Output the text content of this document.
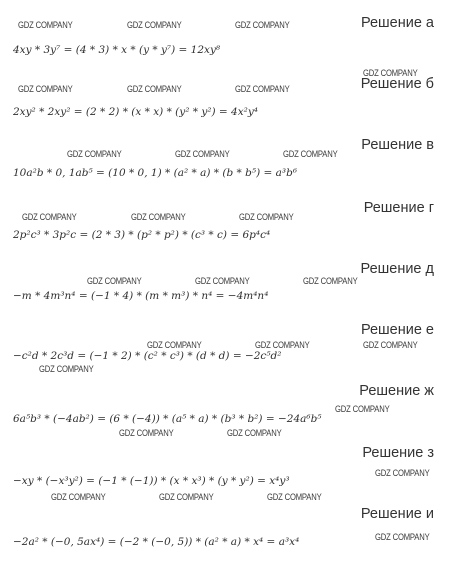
GDZ COMPANY	GDZ COMPANY	GDZ COMPANY
GDZ COMPANY
GDZ COMPANY	GDZ COMPANY	GDZ COMPANY
GDZ COMPANY	GDZ COMPANY	GDZ COMPANY
GDZ COMPANY	GDZ COMPANY	GDZ COMPANY
GDZ COMPANY	GDZ COMPANY	GDZ COMPANY
GDZ COMPANY	GDZ COMPANY	GDZ COMPANY
GDZ COMPANY
GDZ COMPANY
GDZ COMPANY	GDZ COMPANY
GDZ COMPANY
GDZ COMPANY	GDZ COMPANY	GDZ COMPANY
GDZ COMPANY
Решение а
Решение б
Решение в
Решение г
Решение д
Решение е
Решение ж
Решение з
Решение и
4xy * 3y⁷ = (4 * 3) * x * (y * y⁷) = 12xy⁸
2xy² * 2xy² = (2 * 2) * (x * x) * (y² * y²) = 4x²y⁴
10a²b * 0, 1ab⁵ = (10 * 0, 1) * (a² * a) * (b * b⁵) = a³b⁶
2p²c³ * 3p²c = (2 * 3) * (p² * p²) * (c³ * c) = 6p⁴c⁴
−m * 4m³n⁴ = (−1 * 4) * (m * m³) * n⁴ = −4m⁴n⁴
−c²d * 2c³d = (−1 * 2) * (c² * c³) * (d * d) = −2c⁵d²
6a⁵b³ * (−4ab²) = (6 * (−4)) * (a⁵ * a) * (b³ * b²) = −24a⁶b⁵
−xy * (−x³y²) = (−1 * (−1)) * (x * x³) * (y * y²) = x⁴y³
−2a² * (−0, 5ax⁴) = (−2 * (−0, 5)) * (a² * a) * x⁴ = a³x⁴
